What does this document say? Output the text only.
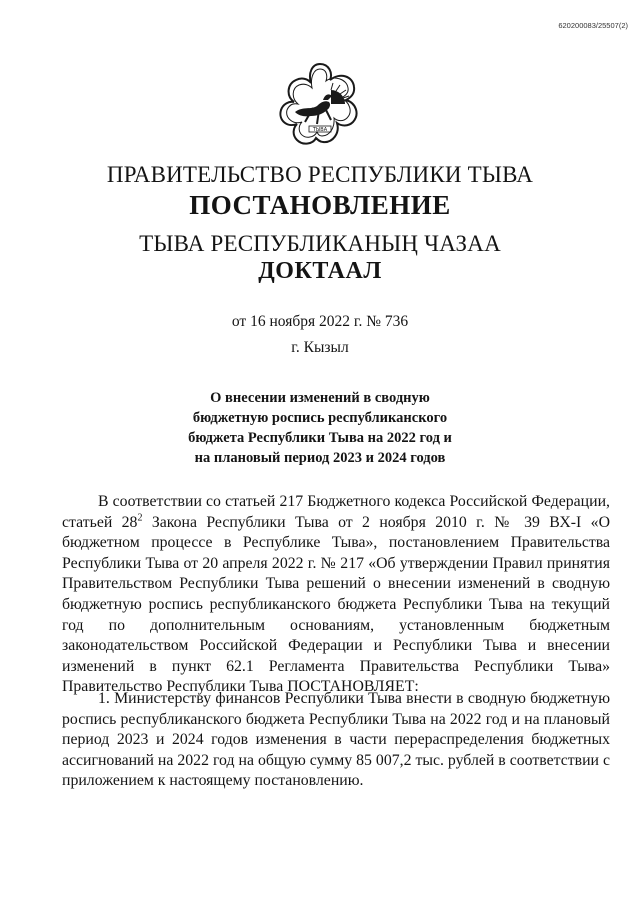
620200083/25507(2)
ТЫВА
ПРАВИТЕЛЬСТВО РЕСПУБЛИКИ ТЫВА
ПОСТАНОВЛЕНИЕ
ТЫВА РЕСПУБЛИКАНЫҢ ЧАЗАА
ДОКТААЛ
от 16 ноября 2022 г. № 736
г. Кызыл
О внесении изменений в сводную
бюджетную роспись республиканского
бюджета Республики Тыва на 2022 год и
на плановый период 2023 и 2024 годов

В соответствии со статьей 217 Бюджетного кодекса Российской Федерации, статьей $28^2$ Закона Республики Тыва от 2 ноября 2010 г. № 39 ВХ-I «О бюджетном процессе в Республике Тыва», постановлением Правительства Республики Тыва от 20 апреля 2022 г. № 217 «Об утверждении Правил принятия Правительством Республики Тыва решений о внесении изменений в сводную бюджетную роспись республиканского бюджета Республики Тыва на текущий год по дополнительным основаниям, установленным бюджетным законодательством Российской Федерации и Республики Тыва и внесении изменений в пункт 62.1 Регламента Правительства Республики Тыва» Правительство Республики Тыва ПОСТАНОВЛЯЕТ:

1. Министерству финансов Республики Тыва внести в сводную бюджетную роспись республиканского бюджета Республики Тыва на 2022 год и на плановый период 2023 и 2024 годов изменения в части перераспределения бюджетных ассигнований на 2022 год на общую сумму 85 007,2 тыс. рублей в соответствии с приложением к настоящему постановлению.
